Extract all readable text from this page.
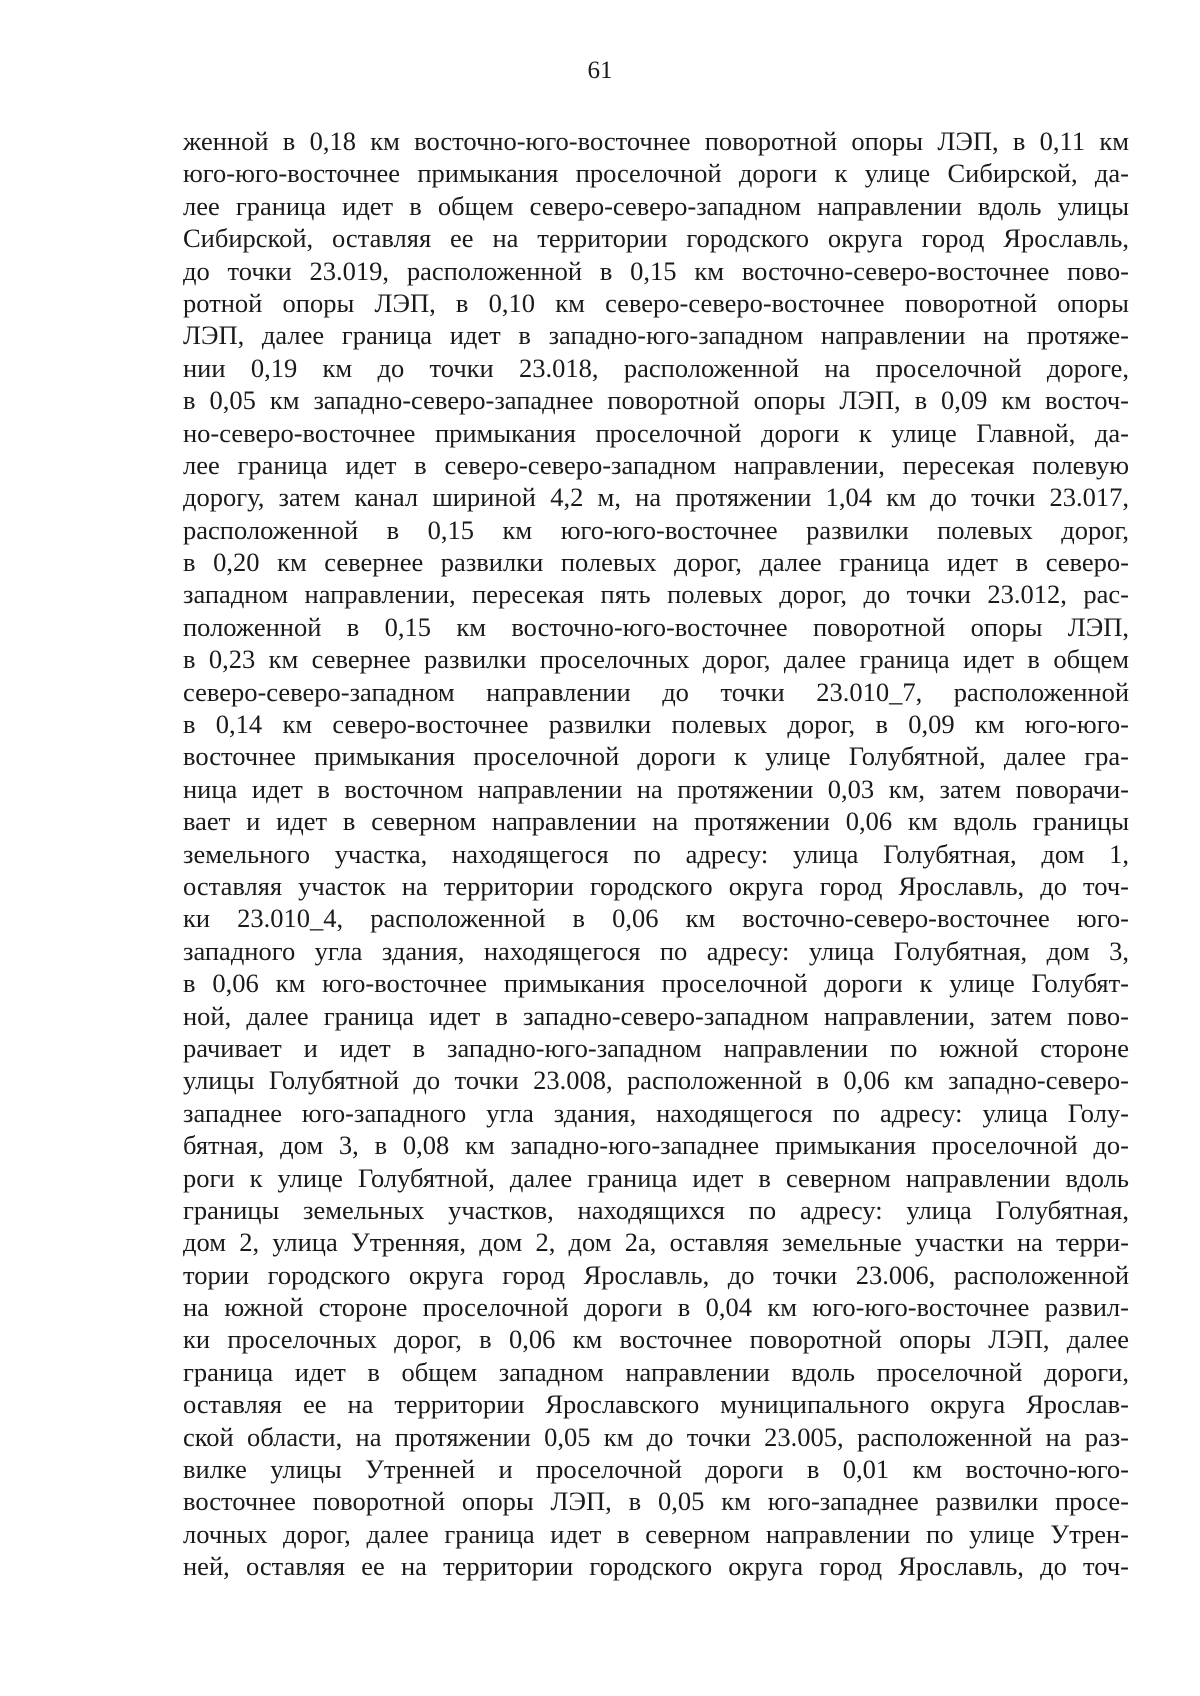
61
женной в 0,18 км восточно-юго-восточнее поворотной опоры ЛЭП, в 0,11 км
юго-юго-восточнее примыкания проселочной дороги к улице Сибирской, да-
лее граница идет в общем северо-северо-западном направлении вдоль улицы
Сибирской, оставляя ее на территории городского округа город Ярославль,
до точки 23.019, расположенной в 0,15 км восточно-северо-восточнее пово-
ротной опоры ЛЭП, в 0,10 км северо-северо-восточнее поворотной опоры
ЛЭП, далее граница идет в западно-юго-западном направлении на протяже-
нии 0,19 км до точки 23.018, расположенной на проселочной дороге,
в 0,05 км западно-северо-западнее поворотной опоры ЛЭП, в 0,09 км восточ-
но-северо-восточнее примыкания проселочной дороги к улице Главной, да-
лее граница идет в северо-северо-западном направлении, пересекая полевую
дорогу, затем канал шириной 4,2 м, на протяжении 1,04 км до точки 23.017,
расположенной в 0,15 км юго-юго-восточнее развилки полевых дорог,
в 0,20 км севернее развилки полевых дорог, далее граница идет в северо-
западном направлении, пересекая пять полевых дорог, до точки 23.012, рас-
положенной в 0,15 км восточно-юго-восточнее поворотной опоры ЛЭП,
в 0,23 км севернее развилки проселочных дорог, далее граница идет в общем
северо-северо-западном направлении до точки 23.010_7, расположенной
в 0,14 км северо-восточнее развилки полевых дорог, в 0,09 км юго-юго-
восточнее примыкания проселочной дороги к улице Голубятной, далее гра-
ница идет в восточном направлении на протяжении 0,03 км, затем поворачи-
вает и идет в северном направлении на протяжении 0,06 км вдоль границы
земельного участка, находящегося по адресу: улица Голубятная, дом 1,
оставляя участок на территории городского округа город Ярославль, до точ-
ки 23.010_4, расположенной в 0,06 км восточно-северо-восточнее юго-
западного угла здания, находящегося по адресу: улица Голубятная, дом 3,
в 0,06 км юго-восточнее примыкания проселочной дороги к улице Голубят-
ной, далее граница идет в западно-северо-западном направлении, затем пово-
рачивает и идет в западно-юго-западном направлении по южной стороне
улицы Голубятной до точки 23.008, расположенной в 0,06 км западно-северо-
западнее юго-западного угла здания, находящегося по адресу: улица Голу-
бятная, дом 3, в 0,08 км западно-юго-западнее примыкания проселочной до-
роги к улице Голубятной, далее граница идет в северном направлении вдоль
границы земельных участков, находящихся по адресу: улица Голубятная,
дом 2, улица Утренняя, дом 2, дом 2а, оставляя земельные участки на терри-
тории городского округа город Ярославль, до точки 23.006, расположенной
на южной стороне проселочной дороги в 0,04 км юго-юго-восточнее развил-
ки проселочных дорог, в 0,06 км восточнее поворотной опоры ЛЭП, далее
граница идет в общем западном направлении вдоль проселочной дороги,
оставляя ее на территории Ярославского муниципального округа Ярослав-
ской области, на протяжении 0,05 км до точки 23.005, расположенной на раз-
вилке улицы Утренней и проселочной дороги в 0,01 км восточно-юго-
восточнее поворотной опоры ЛЭП, в 0,05 км юго-западнее развилки просе-
лочных дорог, далее граница идет в северном направлении по улице Утрен-
ней, оставляя ее на территории городского округа город Ярославль, до точ-
